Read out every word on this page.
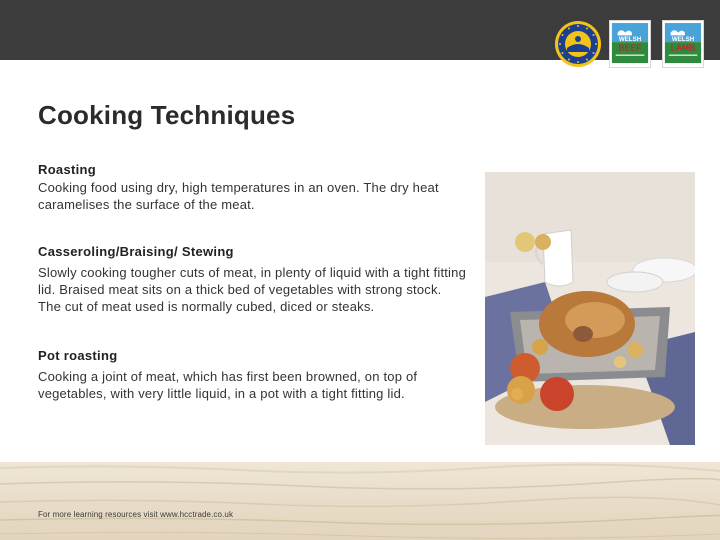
WELSH
BEEF
WELSH
LAMB
Cooking Techniques

Roasting

Cooking food using dry, high temperatures in an oven. The dry heat caramelises the surface of the meat.

Casseroling/Braising/ Stewing

Slowly cooking tougher cuts of meat, in plenty of liquid with a tight fitting lid. Braised meat sits on a thick bed of vegetables with strong stock. The cut of meat used is normally cubed, diced or steaks.

Pot roasting

Cooking a joint of meat, which has first been browned, on top of vegetables, with very little liquid, in a pot with a tight fitting lid.

For more learning resources visit www.hcctrade.co.uk
